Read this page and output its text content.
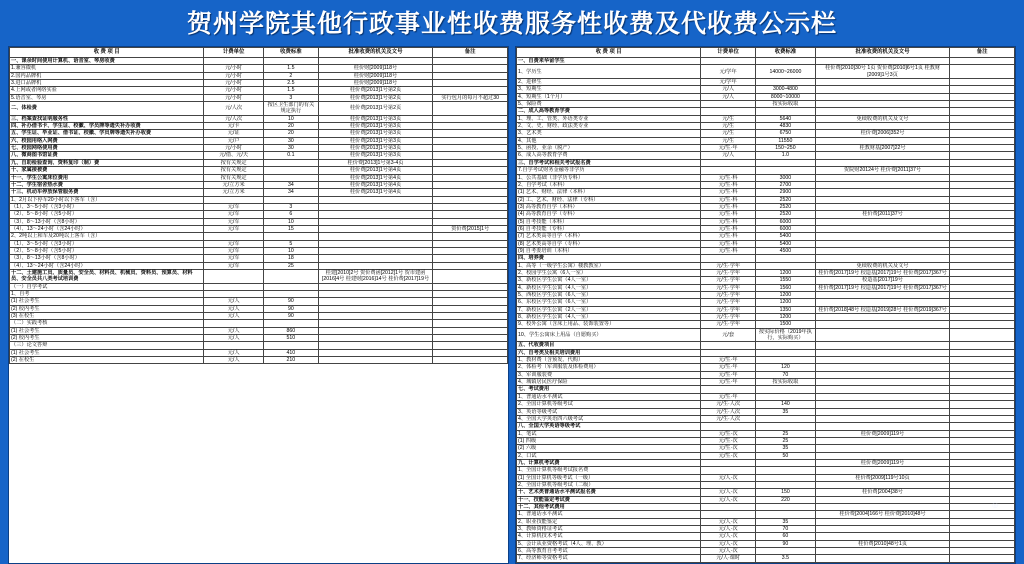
贺州学院其他行政事业性收费服务性收费及代收费公示栏
收 费 项 目	计费单位	收费标准	批准收费的机关及文号	备注
一、课余时间使用计算机、语音室、琴房收费				
1.兼容微机	元/小时	1.5	桂价财[2009]118号	
2.国内品牌机	元/小时	2	桂价财[2009]118号	
3.进口品牌机	元/小时	2.5	桂价财[2009]118号	
4.上网或者网络实验	元/小时	1.5	桂价费[2013]1号第2页	
5.语音室、琴房	元/小时	3	桂价费[2013]1号第2页	实行包月的每月不超过30
二、体检费	元/人次	按区卫生部门的有关规定执行	桂价费[2013]1号第2页	
三、档案查找证明服务性	元/人次	10	桂价费[2013]1号第3页	
四、补办借书卡、学生证、校徽、学员牌等遗失补办收费	元/卡	20	桂价费[2013]1号第3页	
五、学生证、毕业证、借书证、校徽、学员牌等遗失补办收费	元/证	20	桂价费[2013]1号第3页	
六、校园用络入网费	元/户	30	桂价费[2013]1号第3页	
七、校园网络使用费	元/小时	30	桂价费[2013]1号第3页	
八、微商图书馆证费	元/借、元/天	0.1	桂价费[2013]1号第3页	
九、自助检验查询、资料复印（制）费	按有关规定		桂价费[2013]1号第3-4页	
十、家属接被费	按有关规定		桂价费[2013]1号第4页	
十一、学生公寓床位费用	按有关规定		桂价费[2013]1号第4页	
十二、学生宿舍热水费	元/立方米	34	桂价费[2013]1号第4页	
十三、机动车停放保管服务费	元/立方米	34	桂价费[2013]1号第4页	
1、2月以下停车20小时以下客车（含）				
（1）、3～5小时（含3小时）	元/车	3		
（2）、5～8小时（含5小时）	元/车	6		
（3）、8～13小时（含8小时）	元/车	10		
（4）、13～24小时（含24小时）	元/车	15		贺价费[2015]1号
2、2吨以上和车及20吨以上客车（含）				
（1）、3～5小时（含3小时）	元/车	5		
（2）、5～8小时（含5小时）	元/车	10		
（3）、8～13小时（含8小时）	元/车	18		
（4）、13～24小时（含24小时）	元/车	25		
十二、土建施工员、质量员、安全员、材料员、机械员、资料员、预算员、材料员、安全员共八类考试培训费			桂建[2010]2号 贺价费函[2012]1号 贺市建函[2016]4号 桂建财[2016]14号 桂价费[2017]19号	
（一）自学考试				
1、自考				
(1) 社会考生	元/人	90		
(2) 校内考生	元/人	90		
(3) 在校生	元/人	90		
（二）实践考核				
(1) 社会考生	元/人	860		
(2) 校内考生	元/人	510		
（三）论文答辩				
(1) 社会考生	元/人	410		
(2) 在校生	元/人	210		
收 费 项 目	计费单位	收费标准	批准收费的机关及文号	备注
一、自费来华留学生				
1、学历生	元/学年	14000~26000	桂价费[2010]30号 1页 贺价费[2010]6号1页 桂教财[2009]1号3页	
2、进修生	元/学年			
3、短期生	元/人	3000-4800		
4、短期生（1个月）	元/人	8000~10000		
5、保险费		按实际收取		
二、成人高等教育学费				
1、理、工、管类、外语类专业	元/生	5640	免续收费的机关及文号	
2、文、史、财经、政法类专业	元/生	4830		
3、艺术类	元/生	6750	桂价费[2006]352号	
4、其他	元/生	11550		
5、函授、业余（脱产）	元/生·年	150~250	桂教财基[2007]22号	
6、成人高等教育学费	元/人	1.0		
三、自学考试和相关考试报名费				
7.自学考试财务金融等非学历			贺院财20124号 桂价费[2011]37号	
1、公共基础（非学历专科）	元/生·科	3000		
2、自学考试（本科）	元/生·科	2700		
(1) 艺术、财经、法律（本科）	元/生·科	2900		
(2) 工、艺术、财经、法律（专科）	元/生·科	2520		
(3) 高等教育自学（本科）	元/生·科	2520		
(4) 高等教育自学（专科）	元/生·科	2520	桂价费[2011]37号	
(5) 自考技能（本科）	元/生·科	6000		
(6) 自考技能（专科）	元/生·科	6000		
(7) 艺术类高等自学（本科）	元/生·科	5400		
(8) 艺术类高等自学（专科）	元/生·科	5400		
(9) 自考委培训（本科）	元/生·科	4500		
四、培养费				
1、高等（一级学生公寓）楼教教室）	元/生·学年		免续收费的机关及文号	
2、校园学生公寓（6人一室）	元/生·学年	1200	桂价费[2017]19号 校造基[2017]19号 桂价费[2017]367号	
3、新校区学生公寓（4人一室）	元/生·学年	1550	校造基[2017]19号	
4、新校区学生公寓（4人一室）	元/生·学年	1560	桂价费[2017]19号 校造基[2017]19号 桂价费[2017]367号	
5、西校区学生公寓（6人一室）	元/生·学年	1200		
6、东校区学生公寓（6人一室）	元/生·学年	1200		
7、新校区学生公寓（2人一室）	元/生·学年	1350	桂价费[2018]48号 校造基[2019]28号 桂价费[2019]367号	
8、新校区学生公寓（4人一室）	元/生·学年	1200		
9、校外公寓（含床上用品、装饰装置等）	元/生·学年	1500		
10、学生公寓床上用品（自愿购买）	元/套	按实际价格（2019年执行，实际购买）		
五、代收费项目				
六、自考类及相关培训费用				
1、教材费（含预发、代购）	元/生·年			
2、体检考（军训服装及体检费用）	元/生·年	120		
3、军训服装费	元/生·年	70		
4、城镇居民医疗保险	元/生·年	按实际收取		
七、考试费用				
1、普通话水平测试	元/生·年			
2、全国计算机等级考试	元/生·人次	140		
3、英语等级考试	元/生·人次	35		
4、全国大学英语四六级考试	元/生·人次			
八、全国大学英语等级考试				
1、笔试	元/生·次	25	桂价费[2009]119号	
(1) 四级	元/生·次	25		
(2) 六级	元/生·次	35		
2、口试	元/生·次	50		
九、计算机考试费			桂价费[2009]119号	
1、全国计算机等级考试报名费				
(1) 全国计算机等级考试（一级）	元/人·次		桂价费[2009]119号10页	
2、全国计算机等级考试（二级）				
十、艺术类普通话水平测试报名费	元/人·次	150	桂价费[2004]38号	
十一、技能鉴定考试费	元/人·次	220		
十二、其他考试费用				
1、普通话水平测试			桂价费[2004]166号 桂价费[2010]48号	
2、职业技能鉴定	元/人·次	35		
3、教师资格证考试	元/人·次	70		
4、计算机技术考试	元/人·次	60		
5、会计从业资格考试（4人、理、教）	元/人·次	90	桂价费[2010]48号1页	
6、高等教育自考考试	元/人·次			
7、经济师等资格考试	元/人·课时	3.5		
◎
